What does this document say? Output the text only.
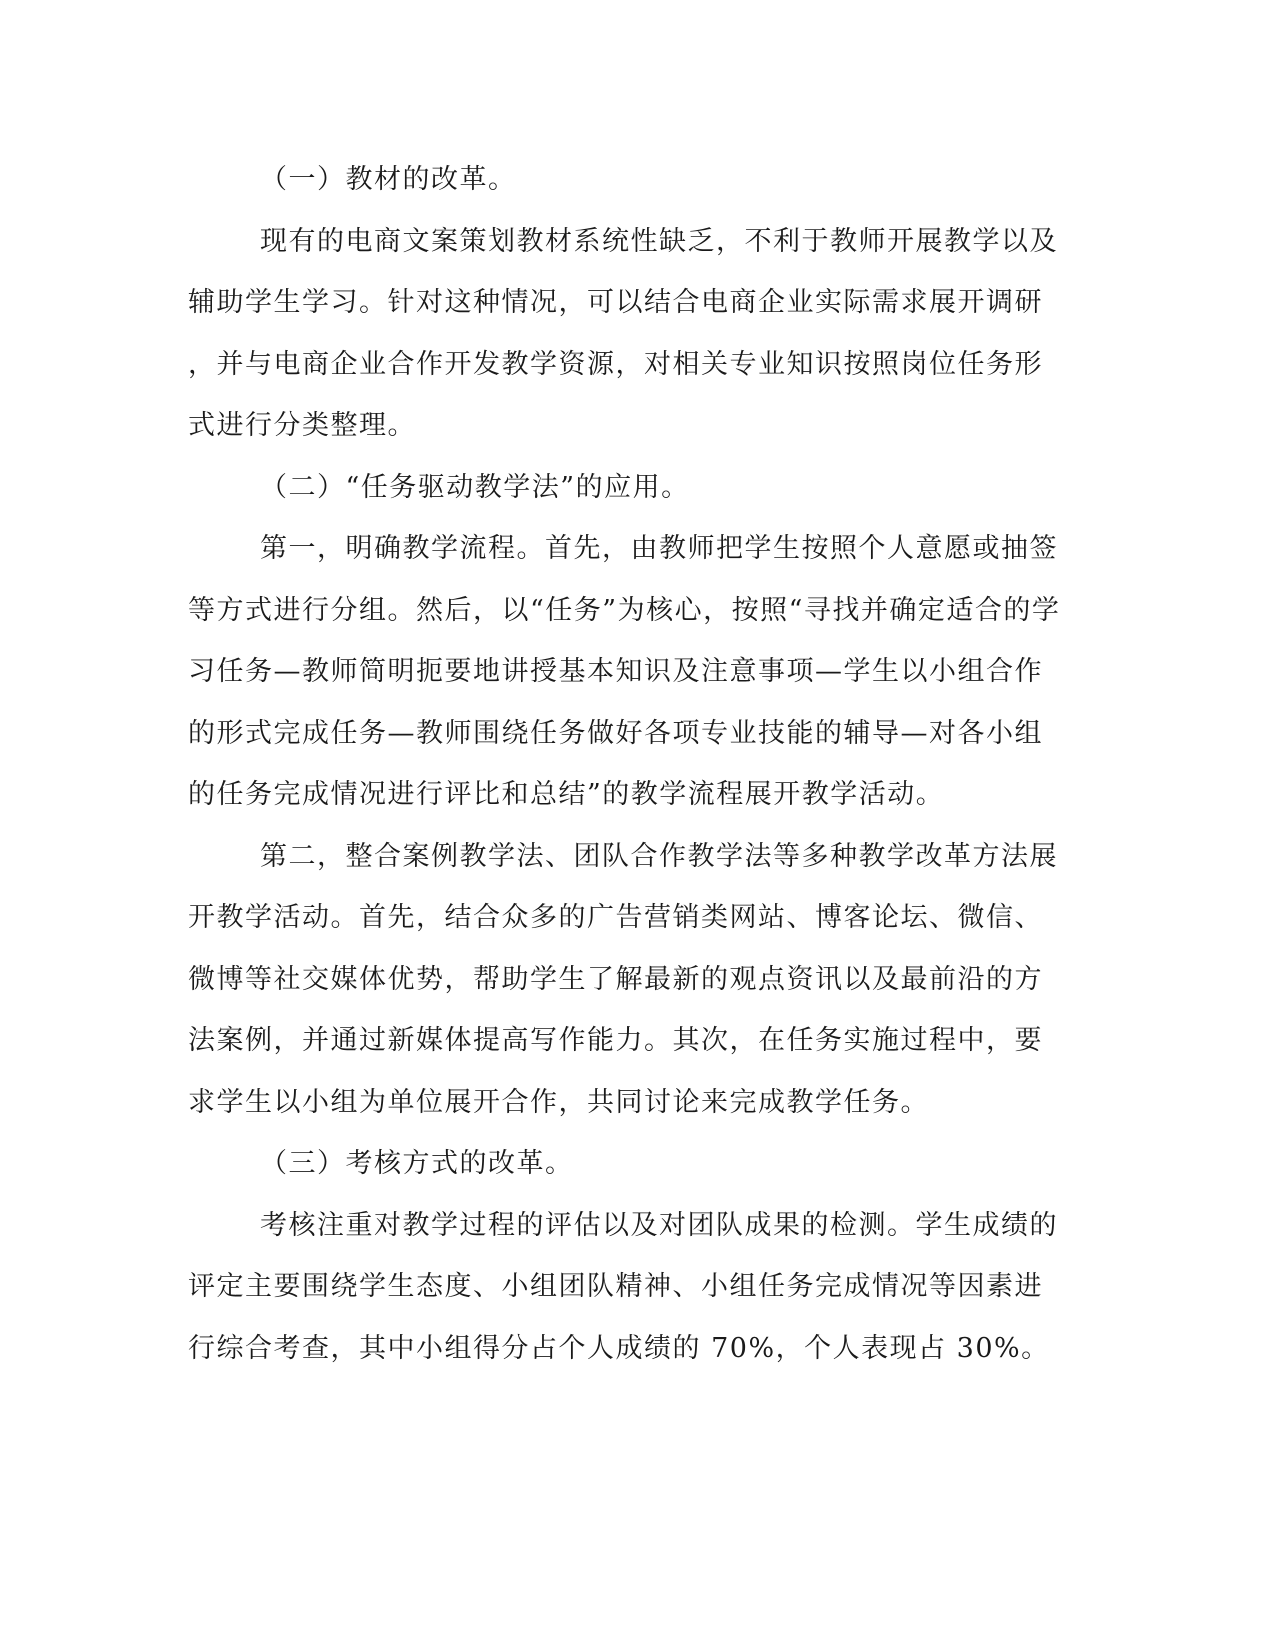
（一）教材的改革。
现有的电商文案策划教材系统性缺乏，不利于教师开展教学以及
辅助学生学习。针对这种情况，可以结合电商企业实际需求展开调研
，并与电商企业合作开发教学资源，对相关专业知识按照岗位任务形
式进行分类整理。
（二）“任务驱动教学法”的应用。
第一，明确教学流程。首先，由教师把学生按照个人意愿或抽签
等方式进行分组。然后，以“任务”为核心，按照“寻找并确定适合的学
习任务—教师简明扼要地讲授基本知识及注意事项—学生以小组合作
的形式完成任务—教师围绕任务做好各项专业技能的辅导—对各小组
的任务完成情况进行评比和总结”的教学流程展开教学活动。
第二，整合案例教学法、团队合作教学法等多种教学改革方法展
开教学活动。首先，结合众多的广告营销类网站、博客论坛、微信、
微博等社交媒体优势，帮助学生了解最新的观点资讯以及最前沿的方
法案例，并通过新媒体提高写作能力。其次，在任务实施过程中，要
求学生以小组为单位展开合作，共同讨论来完成教学任务。
（三）考核方式的改革。
考核注重对教学过程的评估以及对团队成果的检测。学生成绩的
评定主要围绕学生态度、小组团队精神、小组任务完成情况等因素进
行综合考查，其中小组得分占个人成绩的 70%，个人表现占 30%。
